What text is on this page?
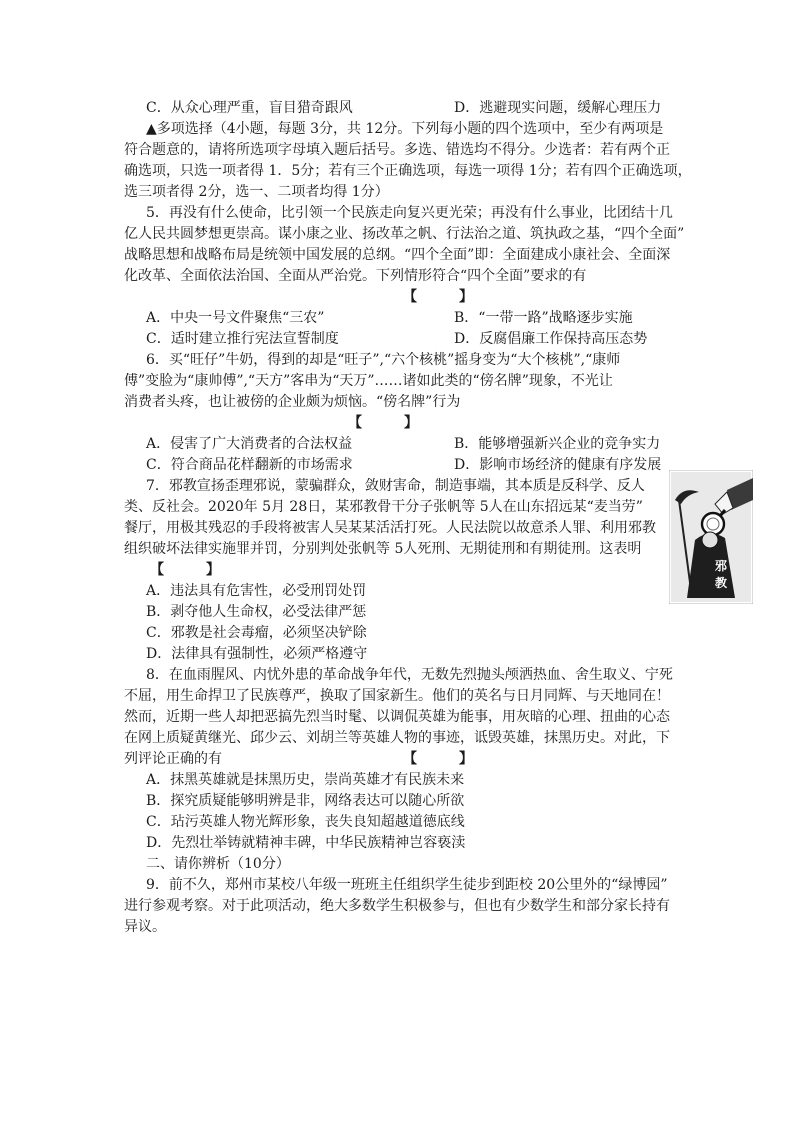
C．从众心理严重，盲目猎奇跟风	D．逃避现实问题，缓解心理压力
▲多项选择（4小题，每题 3分，共 12分。下列每小题的四个选项中，至少有两项是
符合题意的，请将所选项字母填入题后括号。多选、错选均不得分。少选者：若有两个正
确选项，只选一项者得 1．5分；若有三个正确选项，每选一项得 1分；若有四个正确选项，
选三项者得 2分，选一、二项者均得 1分）
5．再没有什么使命，比引领一个民族走向复兴更光荣；再没有什么事业，比团结十几
亿人民共圆梦想更崇高。谋小康之业、扬改革之帆、行法治之道、筑执政之基，“四个全面”
战略思想和战略布局是统领中国发展的总纲。“四个全面”即：全面建成小康社会、全面深
化改革、全面依法治国、全面从严治党。下列情形符合“四个全面”要求的有
【　　　】
A．中央一号文件聚焦“三农”	B．“一带一路”战略逐步实施
C．适时建立推行宪法宣誓制度	D．反腐倡廉工作保持高压态势
6．买“旺仔”牛奶，得到的却是“旺子”,“六个核桃”摇身变为“大个核桃”,“康师
傅”变脸为“康帅傅”,“天方”客串为“天万”……诸如此类的“傍名牌”现象，不光让
消费者头疼，也让被傍的企业颇为烦恼。“傍名牌”行为
【　　　】
A．侵害了广大消费者的合法权益	B．能够增强新兴企业的竞争实力
C．符合商品花样翻新的市场需求	D．影响市场经济的健康有序发展
7．邪教宣扬歪理邪说，蒙骗群众，敛财害命，制造事端，其本质是反科学、反人
类、反社会。2020年 5月 28日，某邪教骨干分子张帆等 5人在山东招远某“麦当劳”
餐厅，用极其残忍的手段将被害人吴某某活活打死。人民法院以故意杀人罪、利用邪教
组织破坏法律实施罪并罚，分别判处张帆等 5人死刑、无期徒刑和有期徒刑。这表明
【　　　】
A．违法具有危害性，必受刑罚处罚
B．剥夺他人生命权，必受法律严惩
C．邪教是社会毒瘤，必须坚决铲除
D．法律具有强制性，必须严格遵守
邪
教
8．在血雨腥风、内忧外患的革命战争年代，无数先烈抛头颅洒热血、舍生取义、宁死
不屈，用生命捍卫了民族尊严，换取了国家新生。他们的英名与日月同辉、与天地同在！
然而，近期一些人却把恶搞先烈当时髦、以调侃英雄为能事，用灰暗的心理、扭曲的心态
在网上质疑黄继光、邱少云、刘胡兰等英雄人物的事迹，诋毁英雄，抹黑历史。对此，下
列评论正确的有	【　　　】
A．抹黑英雄就是抹黑历史，崇尚英雄才有民族未来
B．探究质疑能够明辨是非，网络表达可以随心所欲
C．玷污英雄人物光辉形象，丧失良知超越道德底线
D．先烈壮举铸就精神丰碑，中华民族精神岂容亵渎
二、请你辨析（10分）
9．前不久，郑州市某校八年级一班班主任组织学生徒步到距校 20公里外的“绿博园”
进行参观考察。对于此项活动，绝大多数学生积极参与，但也有少数学生和部分家长持有
异议。
